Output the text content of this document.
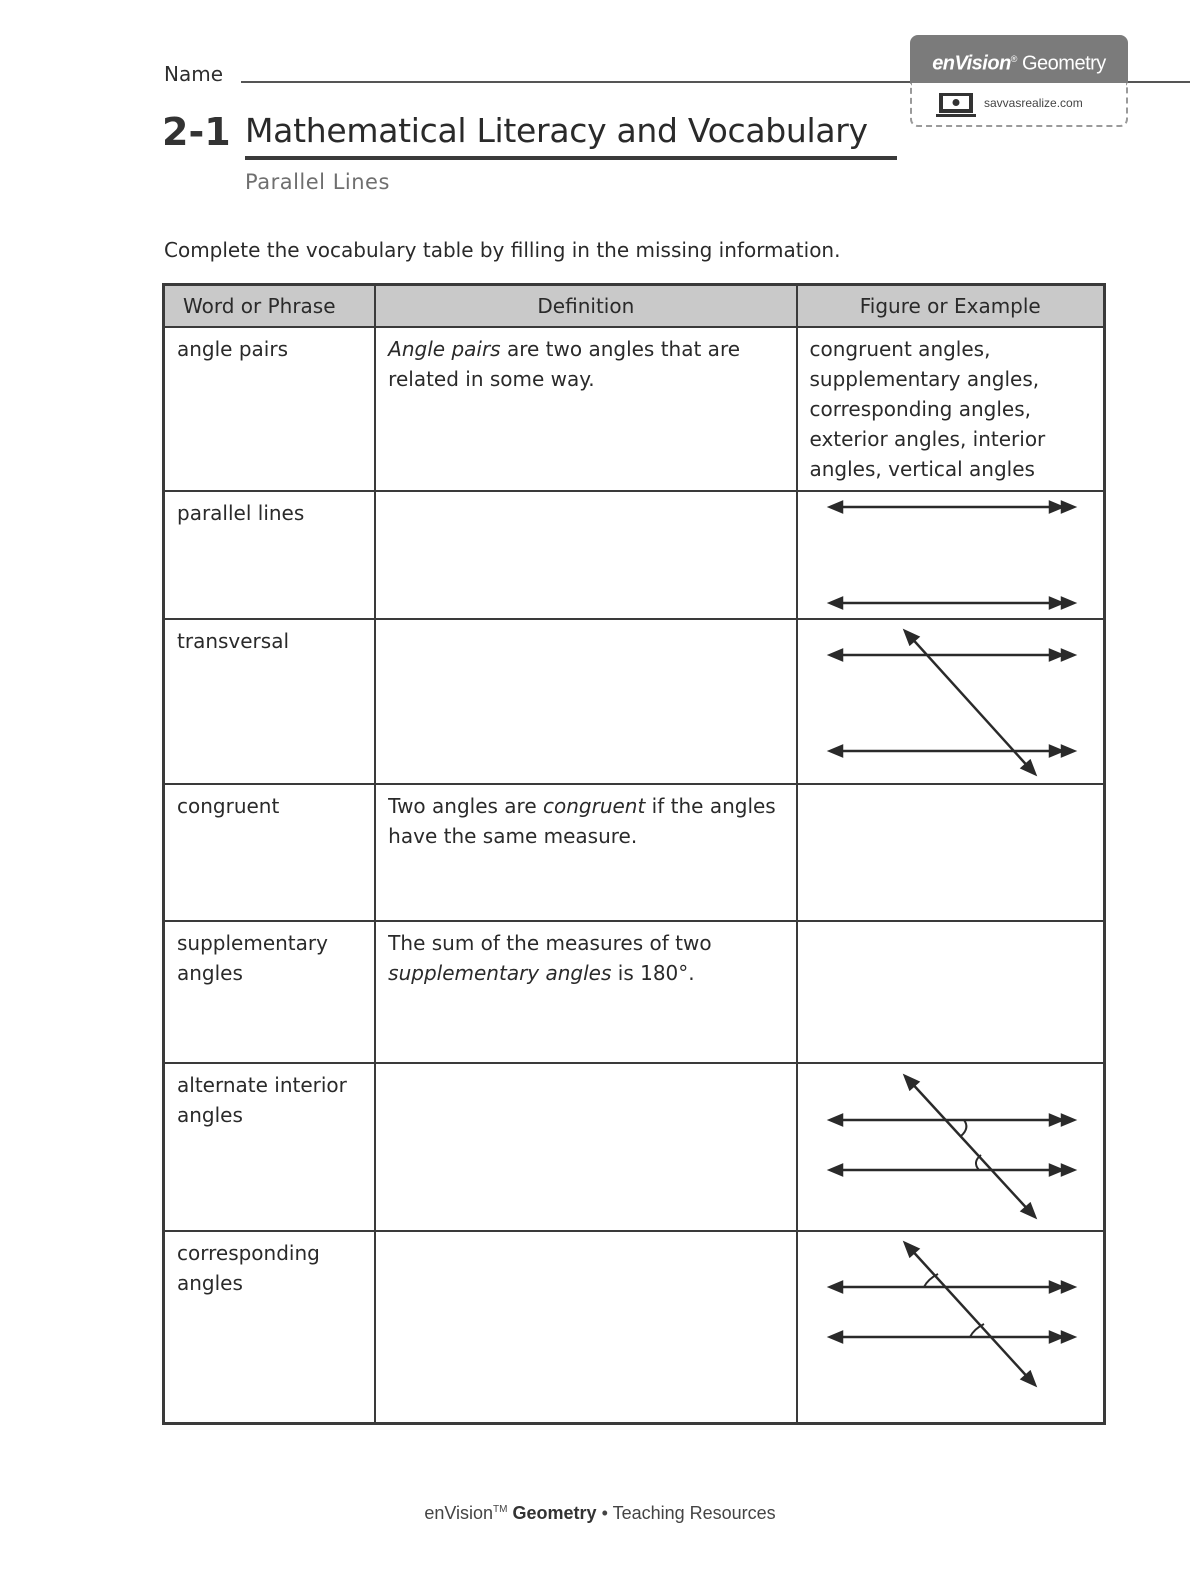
Name	enVision® Geometry
savvasrealize.com
2-1 Mathematical Literacy and Vocabulary
Parallel Lines
Complete the vocabulary table by filling in the missing information.
Word or Phrase	Definition	Figure or Example
angle pairs	Angle pairs are two angles that are related in some way.	congruent angles, supplementary angles, corresponding angles, exterior angles, interior angles, vertical angles
parallel lines		

transversal		

congruent	Two angles are congruent if the angles have the same measure.	
supplementary angles	The sum of the measures of two supplementary angles is 180°.	
alternate interior angles		

corresponding angles		
enVision™ Geometry • Teaching Resources
